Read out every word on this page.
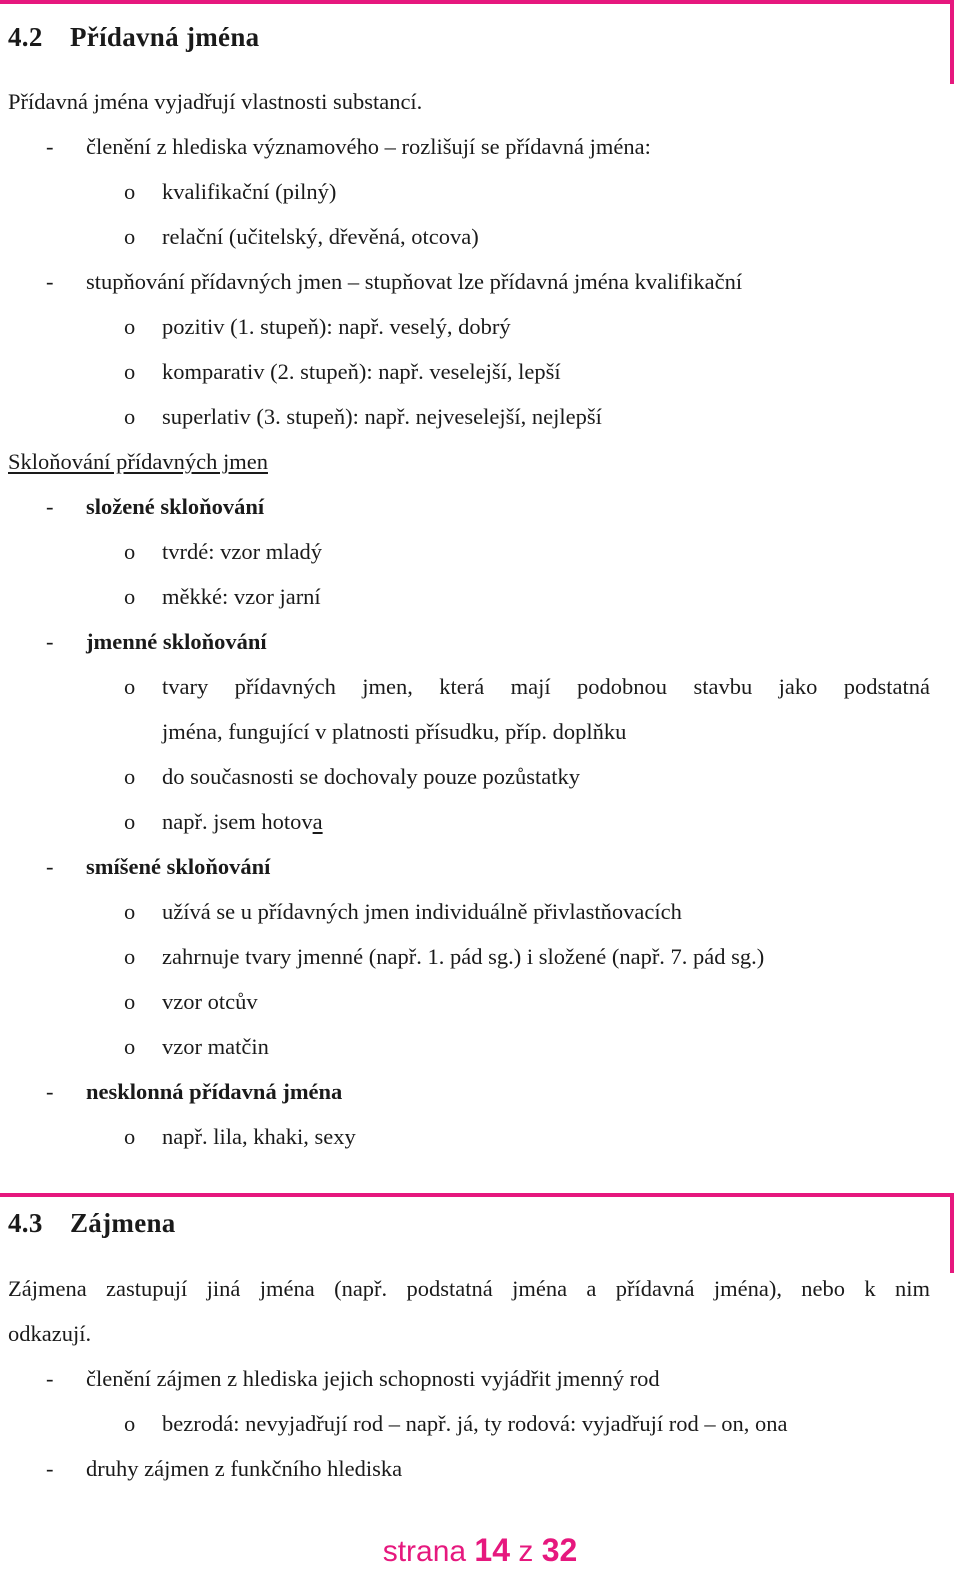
4.2 Přídavná jména
Přídavná jména vyjadřují vlastnosti substancí.
- členění z hlediska významového – rozlišují se přídavná jména:
o kvalifikační (pilný)
o relační (učitelský, dřevěná, otcova)
- stupňování přídavných jmen – stupňovat lze přídavná jména kvalifikační
o pozitiv (1. stupeň): např. veselý, dobrý
o komparativ (2. stupeň): např. veselejší, lepší
o superlativ (3. stupeň): např. nejveselejší, nejlepší
Skloňování přídavných jmen
- složené skloňování
o tvrdé: vzor mladý
o měkké: vzor jarní
- jmenné skloňování
o tvary přídavných jmen, která mají podobnou stavbu jako podstatná
jména, fungující v platnosti přísudku, příp. doplňku
o do současnosti se dochovaly pouze pozůstatky
o např. jsem hotova
- smíšené skloňování
o užívá se u přídavných jmen individuálně přivlastňovacích
o zahrnuje tvary jmenné (např. 1. pád sg.) i složené (např. 7. pád sg.)
o vzor otcův
o vzor matčin
- nesklonná přídavná jména
o např. lila, khaki, sexy
4.3 Zájmena
Zájmena zastupují jiná jména (např. podstatná jména a přídavná jména), nebo k nim
odkazují.
- členění zájmen z hlediska jejich schopnosti vyjádřit jmenný rod
o bezrodá: nevyjadřují rod – např. já, ty rodová: vyjadřují rod – on, ona
- druhy zájmen z funkčního hlediska
strana 14 z 32
